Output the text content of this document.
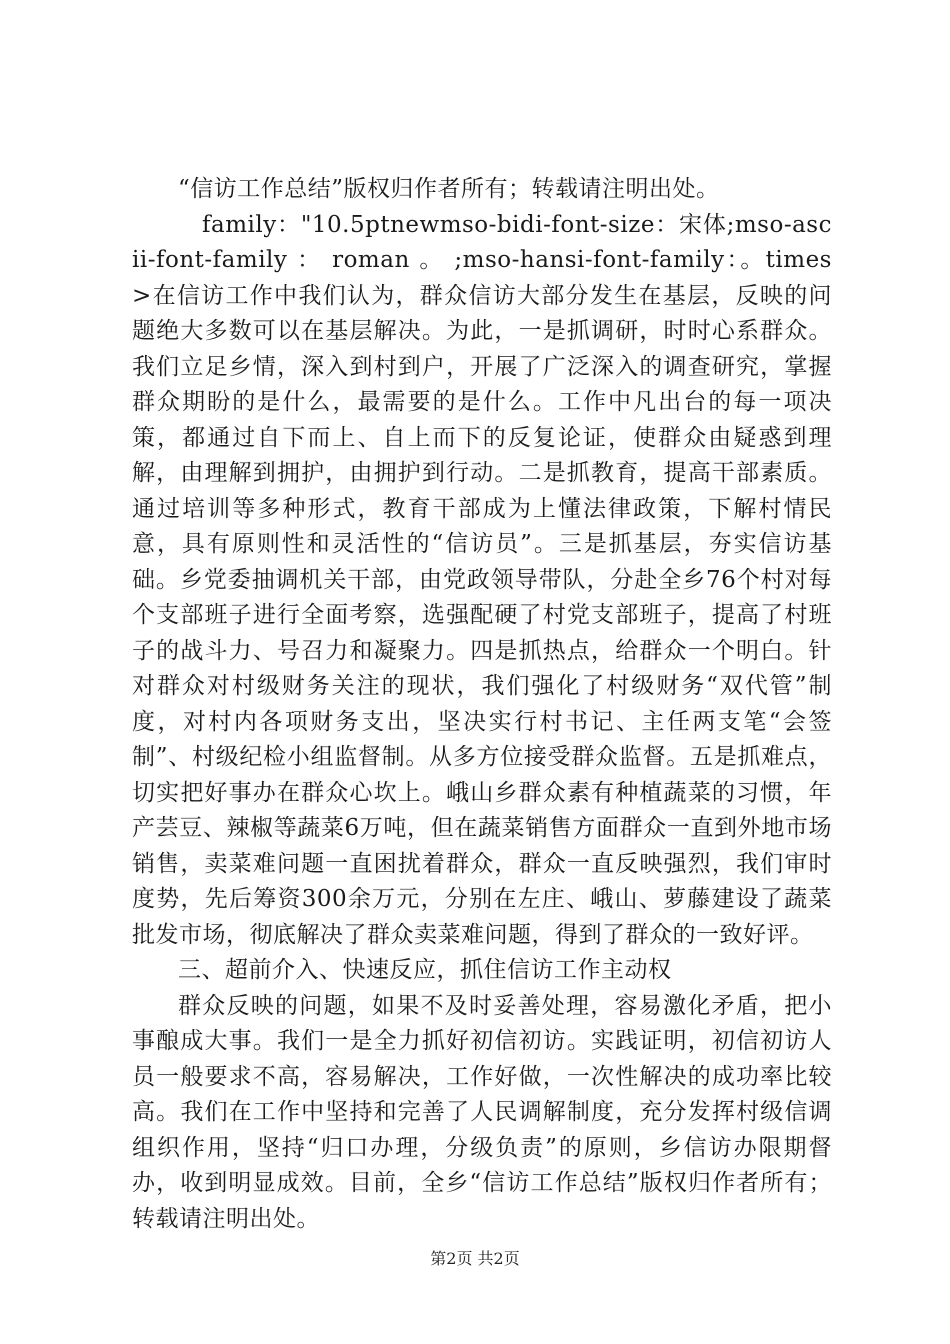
“信访工作总结”版权归作者所有；转载请注明出处。

family："10.5ptnewmso-bidi-font-size：宋体;mso-ascii-font-family ： roman 。 ;mso-hansi-font-family：。times>在信访工作中我们认为，群众信访大部分发生在基层，反映的问题绝大多数可以在基层解决。为此，一是抓调研，时时心系群众。我们立足乡情，深入到村到户，开展了广泛深入的调查研究，掌握群众期盼的是什么，最需要的是什么。工作中凡出台的每一项决策，都通过自下而上、自上而下的反复论证，使群众由疑惑到理解，由理解到拥护，由拥护到行动。二是抓教育，提高干部素质。通过培训等多种形式，教育干部成为上懂法律政策，下解村情民意，具有原则性和灵活性的“信访员”。三是抓基层，夯实信访基础。乡党委抽调机关干部，由党政领导带队，分赴全乡76个村对每个支部班子进行全面考察，选强配硬了村党支部班子，提高了村班子的战斗力、号召力和凝聚力。四是抓热点，给群众一个明白。针对群众对村级财务关注的现状，我们强化了村级财务“双代管”制度，对村内各项财务支出，坚决实行村书记、主任两支笔“会签制”、村级纪检小组监督制。从多方位接受群众监督。五是抓难点，切实把好事办在群众心坎上。峨山乡群众素有种植蔬菜的习惯，年产芸豆、辣椒等蔬菜6万吨，但在蔬菜销售方面群众一直到外地市场销售，卖菜难问题一直困扰着群众，群众一直反映强烈，我们审时度势，先后筹资300余万元，分别在左庄、峨山、萝藤建设了蔬菜批发市场，彻底解决了群众卖菜难问题，得到了群众的一致好评。

三、超前介入、快速反应，抓住信访工作主动权

群众反映的问题，如果不及时妥善处理，容易激化矛盾，把小事酿成大事。我们一是全力抓好初信初访。实践证明，初信初访人员一般要求不高，容易解决，工作好做，一次性解决的成功率比较高。我们在工作中坚持和完善了人民调解制度，充分发挥村级信调组织作用，坚持“归口办理，分级负责”的原则，乡信访办限期督办，收到明显成效。目前，全乡“信访工作总结”版权归作者所有；转载请注明出处。

第2页 共2页
